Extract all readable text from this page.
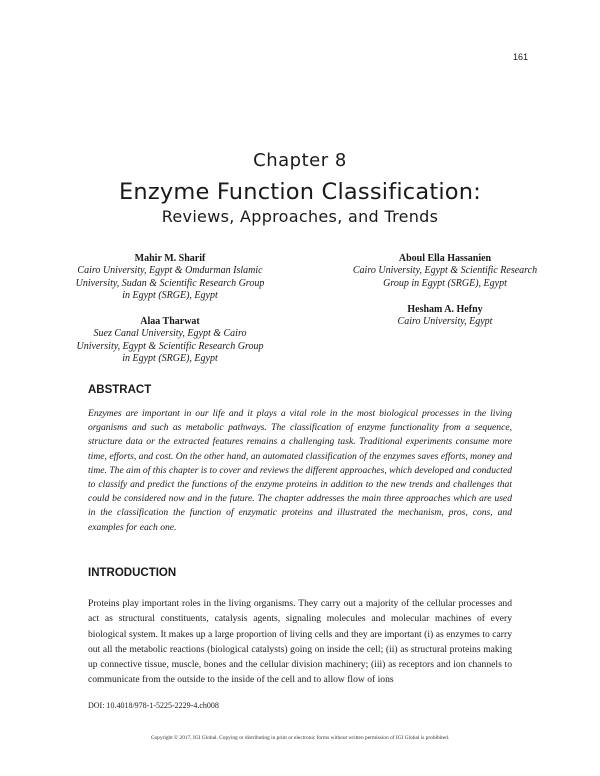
161
Chapter 8
Enzyme Function Classification:
Reviews, Approaches, and Trends
Mahir M. Sharif
Cairo University, Egypt & Omdurman Islamic
University, Sudan & Scientific Research Group
in Egypt (SRGE), Egypt
Alaa Tharwat
Suez Canal University, Egypt & Cairo
University, Egypt & Scientific Research Group
in Egypt (SRGE), Egypt
Aboul Ella Hassanien
Cairo University, Egypt & Scientific Research
Group in Egypt (SRGE), Egypt
Hesham A. Hefny
Cairo University, Egypt
ABSTRACT
Enzymes are important in our life and it plays a vital role in the most biological processes in the living organisms and such as metabolic pathways. The classification of enzyme functionality from a sequence, structure data or the extracted features remains a challenging task. Traditional experiments consume more time, efforts, and cost. On the other hand, an automated classification of the enzymes saves efforts, money and time. The aim of this chapter is to cover and reviews the different approaches, which developed and conducted to classify and predict the functions of the enzyme proteins in addition to the new trends and challenges that could be considered now and in the future. The chapter addresses the main three approaches which are used in the classification the function of enzymatic proteins and illustrated the mechanism, pros, cons, and examples for each one.
INTRODUCTION
Proteins play important roles in the living organisms. They carry out a majority of the cellular processes and act as structural constituents, catalysis agents, signaling molecules and molecular machines of every biological system. It makes up a large proportion of living cells and they are important (i) as enzymes to carry out all the metabolic reactions (biological catalysts) going on inside the cell; (ii) as structural proteins making up connective tissue, muscle, bones and the cellular division machinery; (iii) as receptors and ion channels to communicate from the outside to the inside of the cell and to allow flow of ions
DOI: 10.4018/978-1-5225-2229-4.ch008
Copyright © 2017, IGI Global. Copying or distributing in print or electronic forms without written permission of IGI Global is prohibited.
